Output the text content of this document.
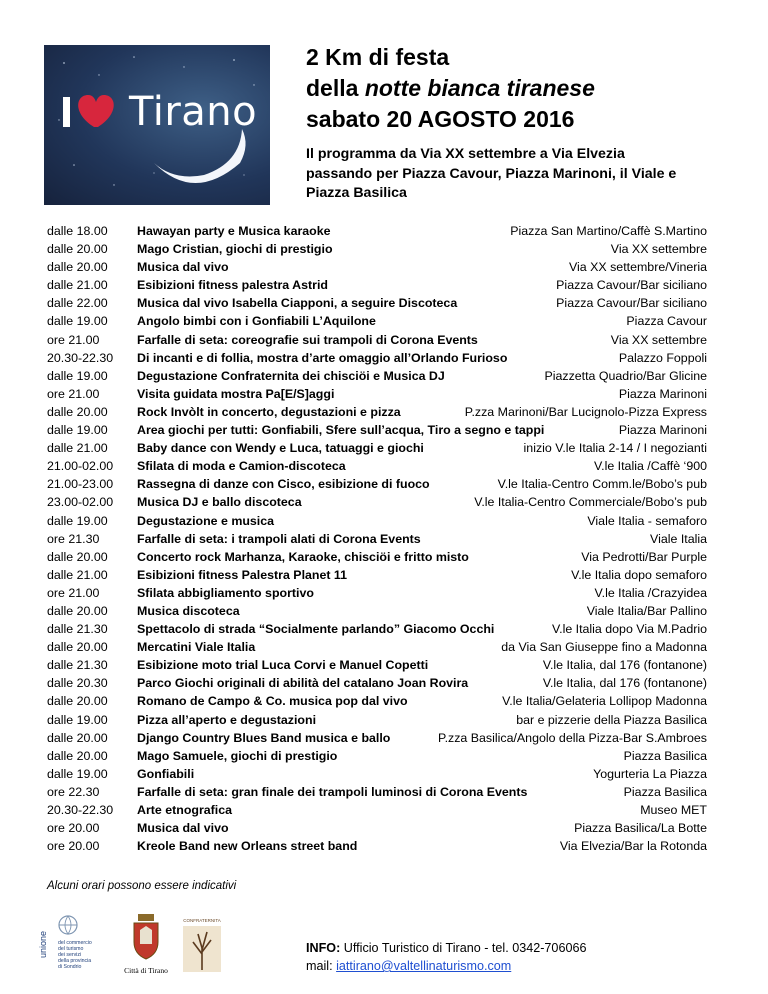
Tirano
2 Km di festa
della notte bianca tiranese
sabato 20 AGOSTO 2016
Il programma da Via XX settembre a Via Elvezia passando per Piazza Cavour, Piazza Marinoni, il Viale e Piazza Basilica
dalle 18.00 Hawayan party e Musica karaoke	Piazza San Martino/Caffè S.Martino
dalle 20.00 Mago Cristian, giochi di prestigio	Via XX settembre
dalle 20.00 Musica dal vivo	Via XX settembre/Vineria
dalle 21.00 Esibizioni fitness palestra Astrid	Piazza Cavour/Bar siciliano
dalle 22.00 Musica dal vivo Isabella Ciapponi, a seguire Discoteca	Piazza Cavour/Bar siciliano
dalle 19.00 Angolo bimbi con i Gonfiabili L’Aquilone	Piazza Cavour
ore 21.00	Farfalle di seta: coreografie sui trampoli di Corona Events	Via XX settembre
20.30-22.30 Di incanti e di follia, mostra d’arte omaggio all’Orlando Furioso	Palazzo Foppoli
dalle 19.00 Degustazione Confraternita dei chisciöi e Musica DJ	Piazzetta Quadrio/Bar Glicine
ore 21.00	Visita guidata mostra Pa[E/S]aggi	Piazza Marinoni
dalle 20.00 Rock Invòlt in concerto, degustazioni e pizza	P.zza Marinoni/Bar Lucignolo-Pizza Express
dalle 19.00 Area giochi per tutti: Gonfiabili, Sfere sull’acqua, Tiro a segno e tappi	Piazza Marinoni
dalle 21.00 Baby dance con Wendy e Luca, tatuaggi e giochi	inizio V.le Italia 2-14 / I negozianti
21.00-02.00 Sfilata di moda e Camion-discoteca	V.le Italia /Caffè ‘900
21.00-23.00 Rassegna di danze con Cisco, esibizione di fuoco	V.le Italia-Centro Comm.le/Bobo’s pub
23.00-02.00 Musica DJ e ballo discoteca	V.le Italia-Centro Commerciale/Bobo’s pub
dalle 19.00 Degustazione e musica	Viale Italia - semaforo
ore 21.30	Farfalle di seta: i trampoli alati di Corona Events	Viale Italia
dalle 20.00 Concerto rock Marhanza, Karaoke, chisciöi e fritto misto	Via Pedrotti/Bar Purple
dalle 21.00 Esibizioni fitness Palestra Planet 11	V.le Italia dopo semaforo
ore 21.00	Sfilata abbigliamento sportivo	V.le Italia /Crazyidea
dalle 20.00 Musica discoteca	Viale Italia/Bar Pallino
dalle 21.30 Spettacolo di strada “Socialmente parlando” Giacomo Occhi	V.le Italia dopo Via M.Padrio
dalle 20.00 Mercatini Viale Italia	da Via San Giuseppe fino a Madonna
dalle 21.30 Esibizione moto trial Luca Corvi e Manuel Copetti	V.le Italia, dal 176 (fontanone)
dalle 20.30 Parco Giochi originali di abilità del catalano Joan Rovira	V.le Italia, dal 176 (fontanone)
dalle 20.00 Romano de Campo & Co. musica pop dal vivo	V.le Italia/Gelateria Lollipop Madonna
dalle 19.00 Pizza all’aperto e degustazioni	bar e pizzerie della Piazza Basilica
dalle 20.00 Django Country Blues Band musica e ballo	P.zza Basilica/Angolo della Pizza-Bar S.Ambroes
dalle 20.00 Mago Samuele, giochi di prestigio	Piazza Basilica
dalle 19.00 Gonfiabili	Yogurteria La Piazza
ore 22.30	Farfalle di seta: gran finale dei trampoli luminosi di Corona Events	Piazza Basilica
20.30-22.30 Arte etnografica	Museo MET
ore 20.00	Musica dal vivo	Piazza Basilica/La Botte
ore 20.00	Kreole Band new Orleans street band	Via Elvezia/Bar la Rotonda
Alcuni orari possono essere indicativi
unione del commercio
del turismo
dei servizi
della provincia
di Sondrio	Città di Tirano
CONFRATERNITA
INFO: Ufficio Turistico di Tirano - tel. 0342-706066
mail: iattirano@valtellinaturismo.com
